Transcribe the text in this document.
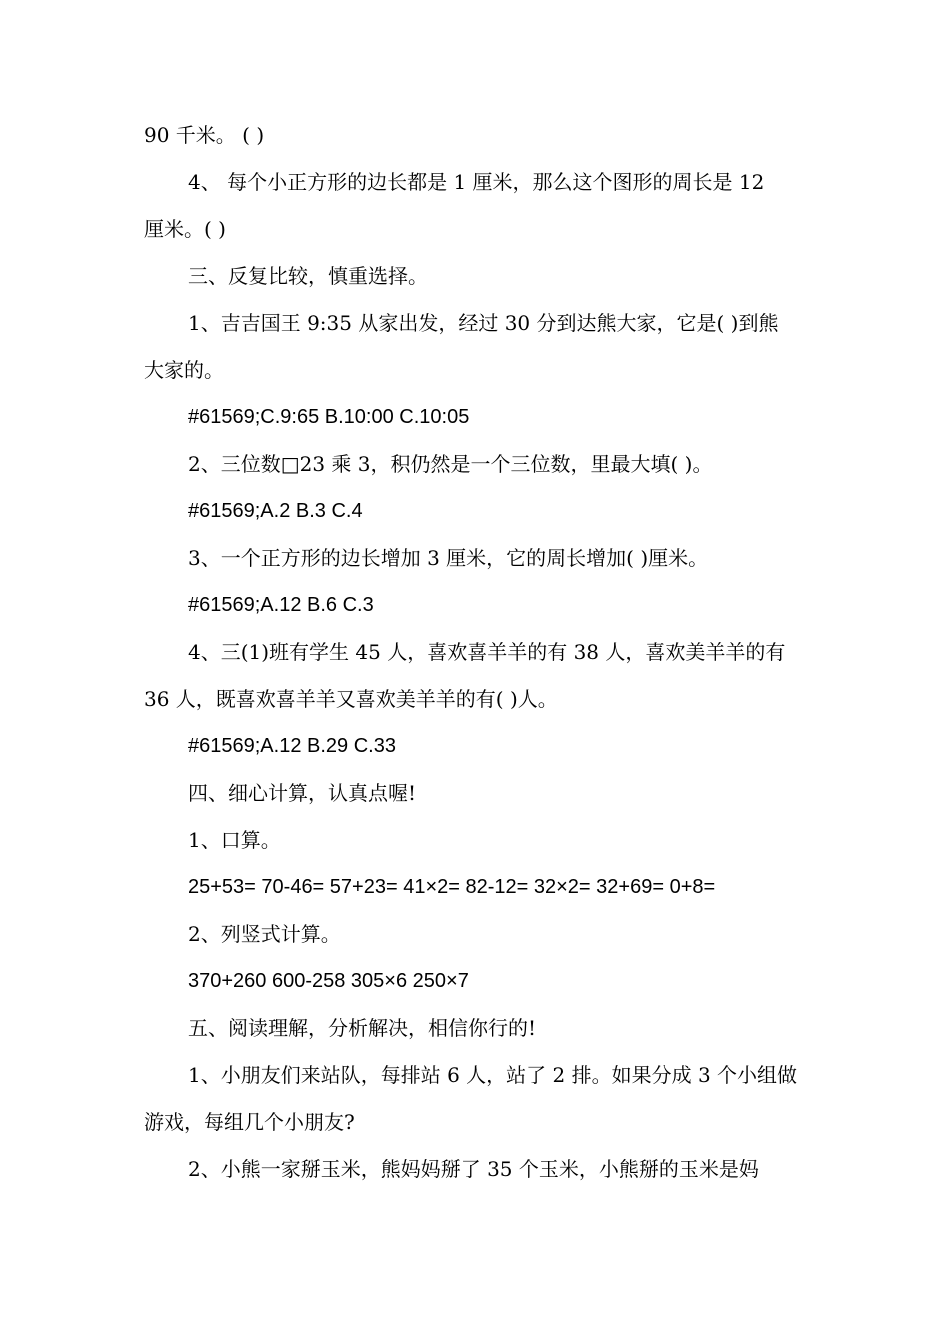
90 千米。 ( )

4、 每个小正方形的边长都是 1 厘米，那么这个图形的周长是 12

厘米。( )

三、反复比较，慎重选择。

1、吉吉国王 9:35 从家出发，经过 30 分到达熊大家，它是( )到熊

大家的。

#61569;C.9:65 B.10:00 C.10:05

2、三位数□23 乘 3，积仍然是一个三位数，里最大填( )。

#61569;A.2 B.3 C.4

3、一个正方形的边长增加 3 厘米，它的周长增加( )厘米。

#61569;A.12 B.6 C.3

4、三(1)班有学生 45 人，喜欢喜羊羊的有 38 人，喜欢美羊羊的有

36 人，既喜欢喜羊羊又喜欢美羊羊的有( )人。

#61569;A.12 B.29 C.33

四、细心计算，认真点喔!

1、口算。

25+53= 70-46= 57+23= 41×2= 82-12= 32×2= 32+69= 0+8=

2、列竖式计算。

370+260 600-258 305×6 250×7

五、阅读理解，分析解决，相信你行的!

1、小朋友们来站队，每排站 6 人，站了 2 排。如果分成 3 个小组做

游戏，每组几个小朋友?

2、小熊一家掰玉米，熊妈妈掰了 35 个玉米，小熊掰的玉米是妈
